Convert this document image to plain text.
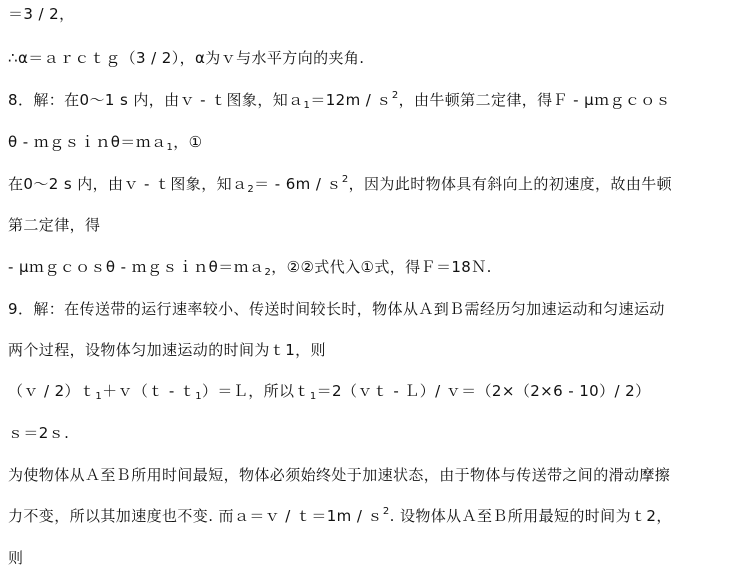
＝3 / 2，
∴α＝ａｒｃｔｇ（3 / 2），α为ｖ与水平方向的夹角.
8．解：在0～1 s 内，由ｖ - ｔ图象，知ａ$_1$＝12m / ｓ$^2$，由牛顿第二定律，得Ｆ - μｍｇｃｏｓ
θ - ｍｇｓｉｎθ＝ｍａ$_1$，①
在0～2 s 内，由ｖ - ｔ图象，知ａ$_2$＝ - 6m / ｓ$^2$，因为此时物体具有斜向上的初速度，故由牛顿
第二定律，得
- μｍｇｃｏｓθ - ｍｇｓｉｎθ＝ｍａ$_2$，②②式代入①式，得Ｆ＝18Ｎ.
9．解：在传送带的运行速率较小、传送时间较长时，物体从Ａ到Ｂ需经历匀加速运动和匀速运动
两个过程，设物体匀加速运动的时间为ｔ1，则
（ｖ / 2）ｔ$_1$＋ｖ（ｔ - ｔ$_1$）＝Ｌ，所以ｔ$_1$＝2（ｖｔ - Ｌ）/ ｖ＝（2×（2×6 - 10）/ 2）
ｓ＝2ｓ.
为使物体从Ａ至Ｂ所用时间最短，物体必须始终处于加速状态，由于物体与传送带之间的滑动摩擦
力不变，所以其加速度也不变. 而ａ＝ｖ / ｔ＝1m / ｓ$^2$. 设物体从Ａ至Ｂ所用最短的时间为ｔ2，
则
